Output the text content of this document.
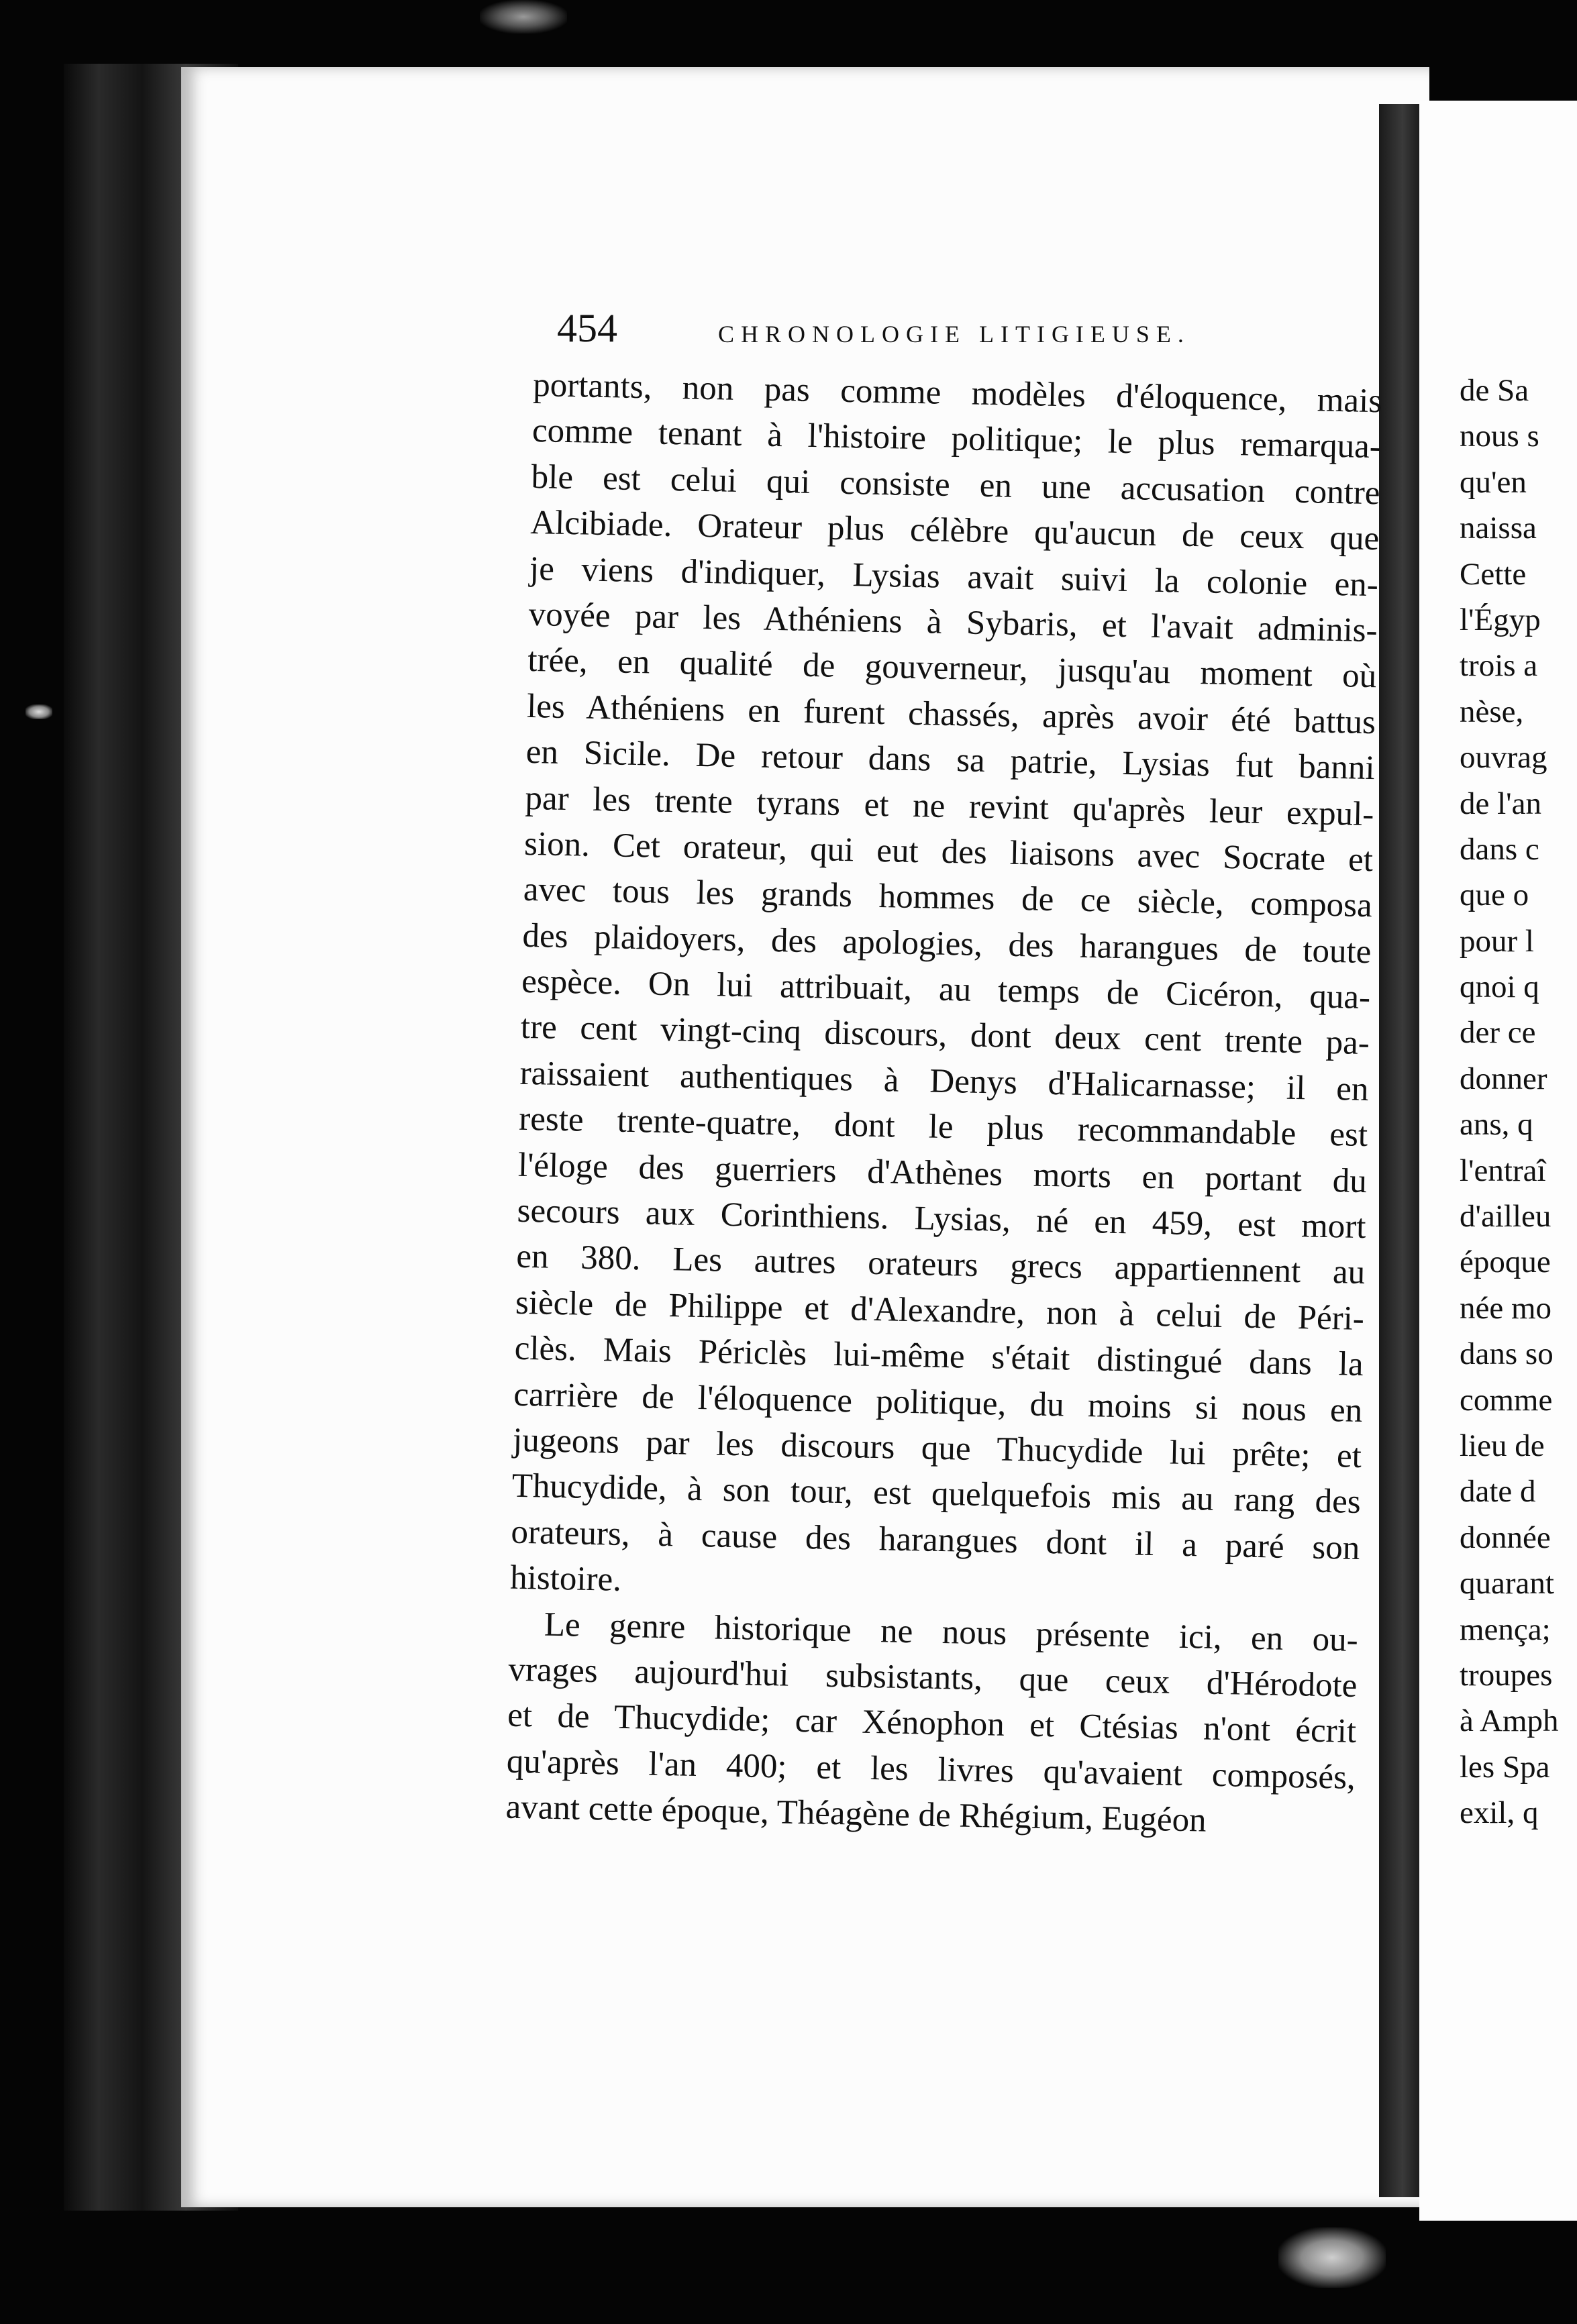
de Sa
nous s
qu'en
naissa
Cette
l'Égyp
trois a
nèse,
ouvrag
de l'an
dans c
que o
pour l
qnoi q
der ce
donner
ans, q
l'entraî
d'ailleu
époque
née mo
dans so
comme
lieu de
date d
donnée
quarant
mença;
troupes
à Amph
les Spa
exil, q
454	CHRONOLOGIE LITIGIEUSE.
portants, non pas comme modèles d'éloquence, mais
comme tenant à l'histoire politique; le plus remarqua-
ble est celui qui consiste en une accusation contre
Alcibiade. Orateur plus célèbre qu'aucun de ceux que
je viens d'indiquer, Lysias avait suivi la colonie en-
voyée par les Athéniens à Sybaris, et l'avait adminis-
trée, en qualité de gouverneur, jusqu'au moment où
les Athéniens en furent chassés, après avoir été battus
en Sicile. De retour dans sa patrie, Lysias fut banni
par les trente tyrans et ne revint qu'après leur expul-
sion. Cet orateur, qui eut des liaisons avec Socrate et
avec tous les grands hommes de ce siècle, composa
des plaidoyers, des apologies, des harangues de toute
espèce. On lui attribuait, au temps de Cicéron, qua-
tre cent vingt-cinq discours, dont deux cent trente pa-
raissaient authentiques à Denys d'Halicarnasse; il en
reste trente-quatre, dont le plus recommandable est
l'éloge des guerriers d'Athènes morts en portant du
secours aux Corinthiens. Lysias, né en 459, est mort
en 380. Les autres orateurs grecs appartiennent au
siècle de Philippe et d'Alexandre, non à celui de Péri-
clès. Mais Périclès lui-même s'était distingué dans la
carrière de l'éloquence politique, du moins si nous en
jugeons par les discours que Thucydide lui prête; et
Thucydide, à son tour, est quelquefois mis au rang des
orateurs, à cause des harangues dont il a paré son
histoire.
Le genre historique ne nous présente ici, en ou-
vrages aujourd'hui subsistants, que ceux d'Hérodote
et de Thucydide; car Xénophon et Ctésias n'ont écrit
qu'après l'an 400; et les livres qu'avaient composés,
avant cette époque, Théagène de Rhégium, Eugéon
